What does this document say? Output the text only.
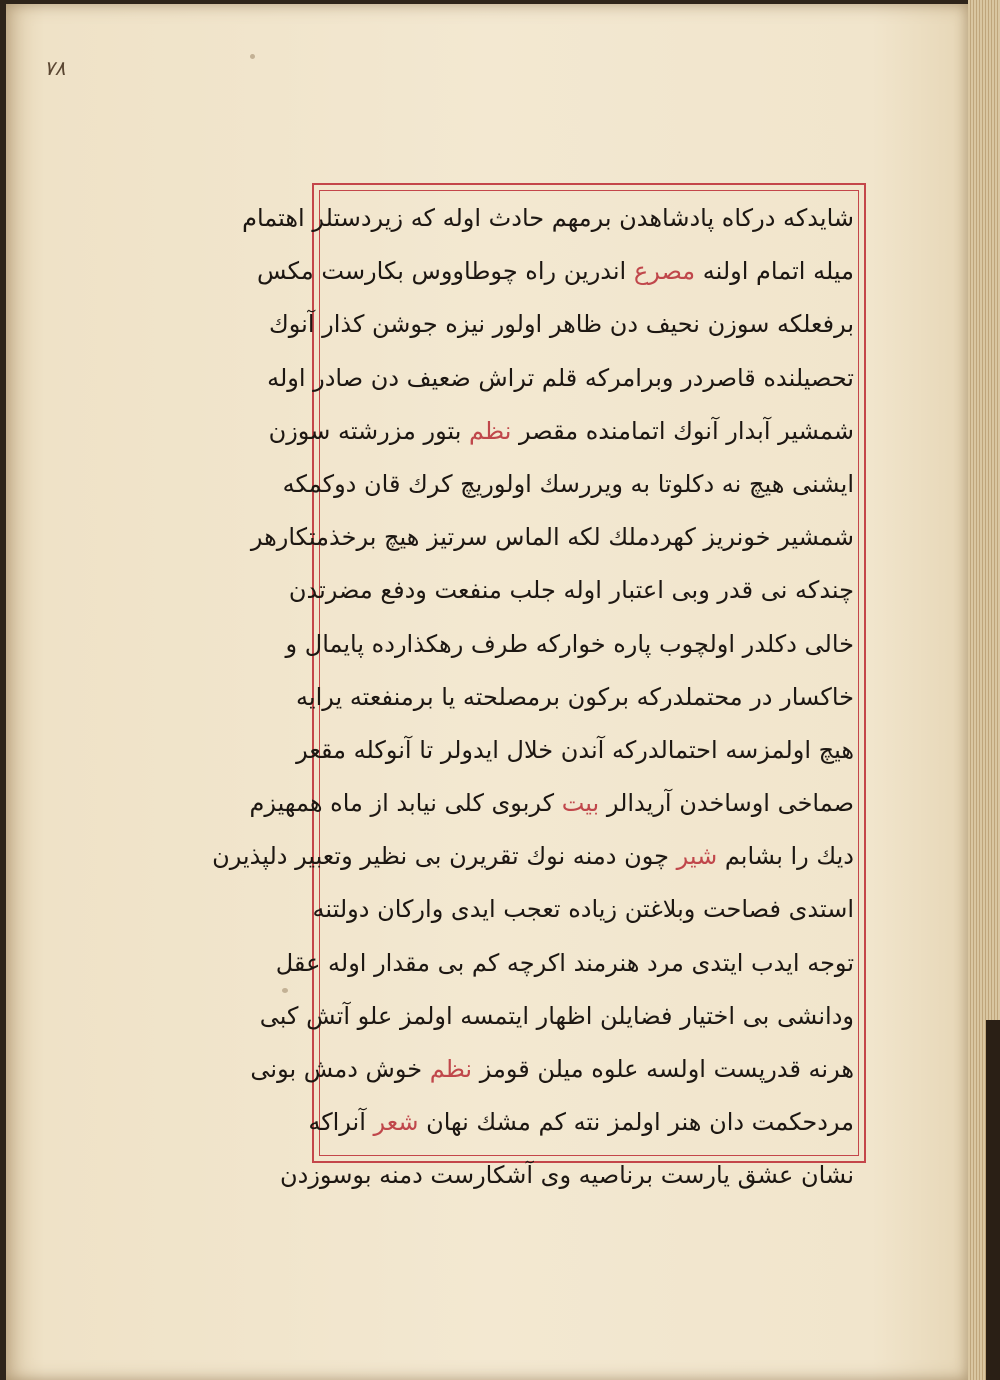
۷۸
شایدکه درکاه پادشاهدن برمهم حادث اوله که زیردستلر اهتمام
میله اتمام اولنه مصرع اندرین راه چوطاووس بکارست مکس
برفعلکه سوزن نحیف دن ظاهر اولور نیزه جوشن کذار آنوك
تحصیلنده قاصردر وبرامرکه قلم تراش ضعیف دن صادر اوله
شمشیر آبدار آنوك اتمامنده مقصر نظم بتور مزرشته سوزن
ایشنی هیچ نه دکلوتا به ویررسك اولوریچ کرك قان دوکمکه
شمشیر خونریز کهردملك لکه الماس سرتیز هیچ برخذمتکارهر
چندکه نی قدر وبی اعتبار اوله جلب منفعت ودفع مضرتدن
خالی دکلدر اولچوب پاره خوارکه طرف رهکذارده پایمال و
خاکسار در محتملدرکه برکون برمصلحته یا برمنفعته یرایه
هیچ اولمزسه احتمالدرکه آندن خلال ایدولر تا آنوکله مقعر
صماخی اوساخدن آریدالر بیت کربوی کلی نیابد از ماه همهیزم
دیك را بشابم شیر چون دمنه نوك تقریرن بی نظیر وتعبیر دلپذیرن
استدی فصاحت وبلاغتن زیاده تعجب ایدی وارکان دولتنه
توجه ایدب ایتدی مرد هنرمند اکرچه کم بی مقدار اوله عقل
ودانشی بی اختیار فضایلن اظهار ایتمسه اولمز علو آتش کبی
هرنه قدرپست اولسه علوه میلن قومز نظم خوش دمش بونی
مردحکمت دان هنر اولمز نته کم مشك نهان شعر آنراکه
نشان عشق یارست برناصیه وی آشکارست دمنه بوسوزدن
